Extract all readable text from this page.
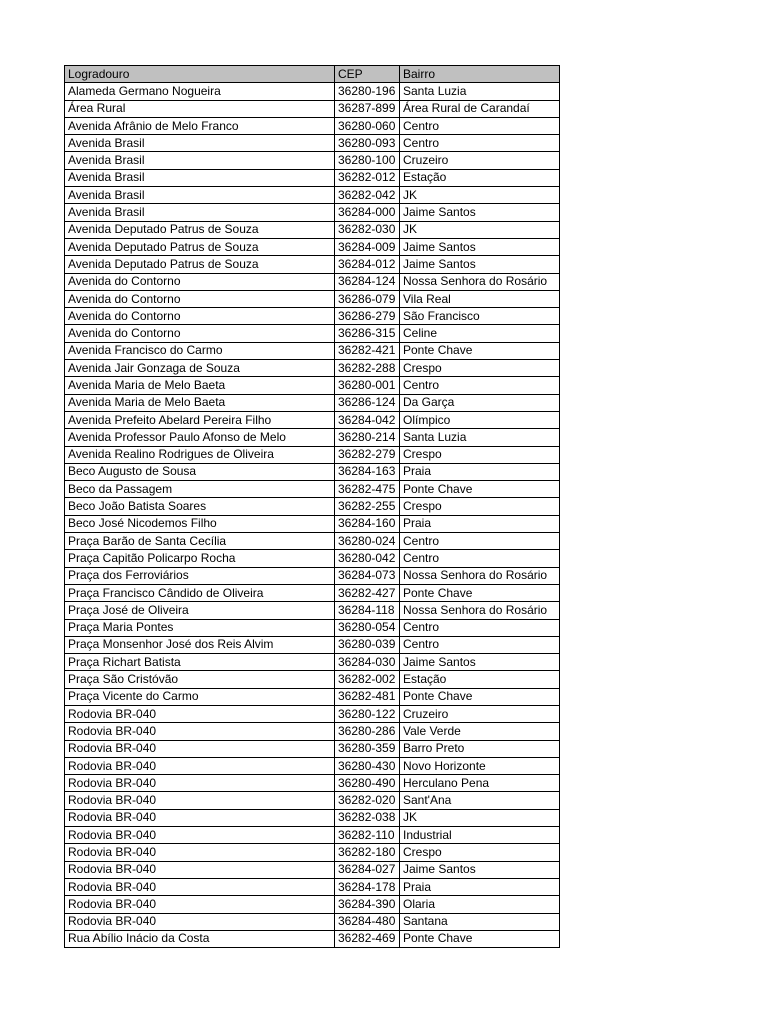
Logradouro	CEP	Bairro
Alameda Germano Nogueira	36280-196	Santa Luzia
Área Rural	36287-899	Área Rural de Carandaí
Avenida Afrânio de Melo Franco	36280-060	Centro
Avenida Brasil	36280-093	Centro
Avenida Brasil	36280-100	Cruzeiro
Avenida Brasil	36282-012	Estação
Avenida Brasil	36282-042	JK
Avenida Brasil	36284-000	Jaime Santos
Avenida Deputado Patrus de Souza	36282-030	JK
Avenida Deputado Patrus de Souza	36284-009	Jaime Santos
Avenida Deputado Patrus de Souza	36284-012	Jaime Santos
Avenida do Contorno	36284-124	Nossa Senhora do Rosário
Avenida do Contorno	36286-079	Vila Real
Avenida do Contorno	36286-279	São Francisco
Avenida do Contorno	36286-315	Celine
Avenida Francisco do Carmo	36282-421	Ponte Chave
Avenida Jair Gonzaga de Souza	36282-288	Crespo
Avenida Maria de Melo Baeta	36280-001	Centro
Avenida Maria de Melo Baeta	36286-124	Da Garça
Avenida Prefeito Abelard Pereira Filho	36284-042	Olímpico
Avenida Professor Paulo Afonso de Melo	36280-214	Santa Luzia
Avenida Realino Rodrigues de Oliveira	36282-279	Crespo
Beco Augusto de Sousa	36284-163	Praia
Beco da Passagem	36282-475	Ponte Chave
Beco João Batista Soares	36282-255	Crespo
Beco José Nicodemos Filho	36284-160	Praia
Praça Barão de Santa Cecília	36280-024	Centro
Praça Capitão Policarpo Rocha	36280-042	Centro
Praça dos Ferroviários	36284-073	Nossa Senhora do Rosário
Praça Francisco Cândido de Oliveira	36282-427	Ponte Chave
Praça José de Oliveira	36284-118	Nossa Senhora do Rosário
Praça Maria Pontes	36280-054	Centro
Praça Monsenhor José dos Reis Alvim	36280-039	Centro
Praça Richart Batista	36284-030	Jaime Santos
Praça São Cristóvão	36282-002	Estação
Praça Vicente do Carmo	36282-481	Ponte Chave
Rodovia BR-040	36280-122	Cruzeiro
Rodovia BR-040	36280-286	Vale Verde
Rodovia BR-040	36280-359	Barro Preto
Rodovia BR-040	36280-430	Novo Horizonte
Rodovia BR-040	36280-490	Herculano Pena
Rodovia BR-040	36282-020	Sant'Ana
Rodovia BR-040	36282-038	JK
Rodovia BR-040	36282-110	Industrial
Rodovia BR-040	36282-180	Crespo
Rodovia BR-040	36284-027	Jaime Santos
Rodovia BR-040	36284-178	Praia
Rodovia BR-040	36284-390	Olaria
Rodovia BR-040	36284-480	Santana
Rua Abílio Inácio da Costa	36282-469	Ponte Chave
